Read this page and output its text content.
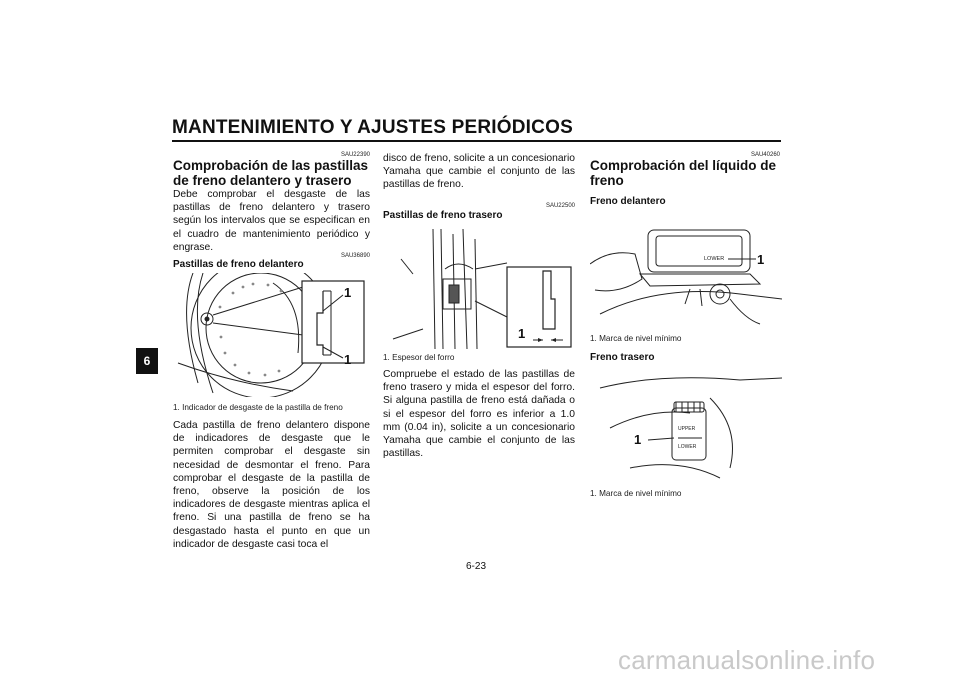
MANTENIMIENTO Y AJUSTES PERIÓDICOS
6
SAU22390
Comprobación de las pastillas de freno delantero y trasero
Debe comprobar el desgaste de las pastillas de freno delantero y trasero según los intervalos que se especifican en el cuadro de mantenimiento periódico y engrase.
SAU36890
Pastillas de freno delantero
1
1
1. Indicador de desgaste de la pastilla de freno
Cada pastilla de freno delantero dispone de indicadores de desgaste que le permiten comprobar el desgaste sin necesidad de desmontar el freno. Para comprobar el desgaste de la pastilla de freno, observe la posición de los indicadores de desgaste mientras aplica el freno. Si una pastilla de freno se ha desgastado hasta el punto en que un indicador de desgaste casi toca el
disco de freno, solicite a un concesionario Yamaha que cambie el conjunto de las pastillas de freno.
SAU22500
Pastillas de freno trasero
1
1. Espesor del forro
Compruebe el estado de las pastillas de freno trasero y mida el espesor del forro. Si alguna pastilla de freno está dañada o si el espesor del forro es inferior a 1.0 mm (0.04 in), solicite a un concesionario Yamaha que cambie el conjunto de las pastillas.
SAU40260
Comprobación del líquido de freno
Freno delantero
LOWER	1
1. Marca de nivel mínimo
Freno trasero
UPPER
LOWER
1
1. Marca de nivel mínimo
6-23
carmanualsonline.info
